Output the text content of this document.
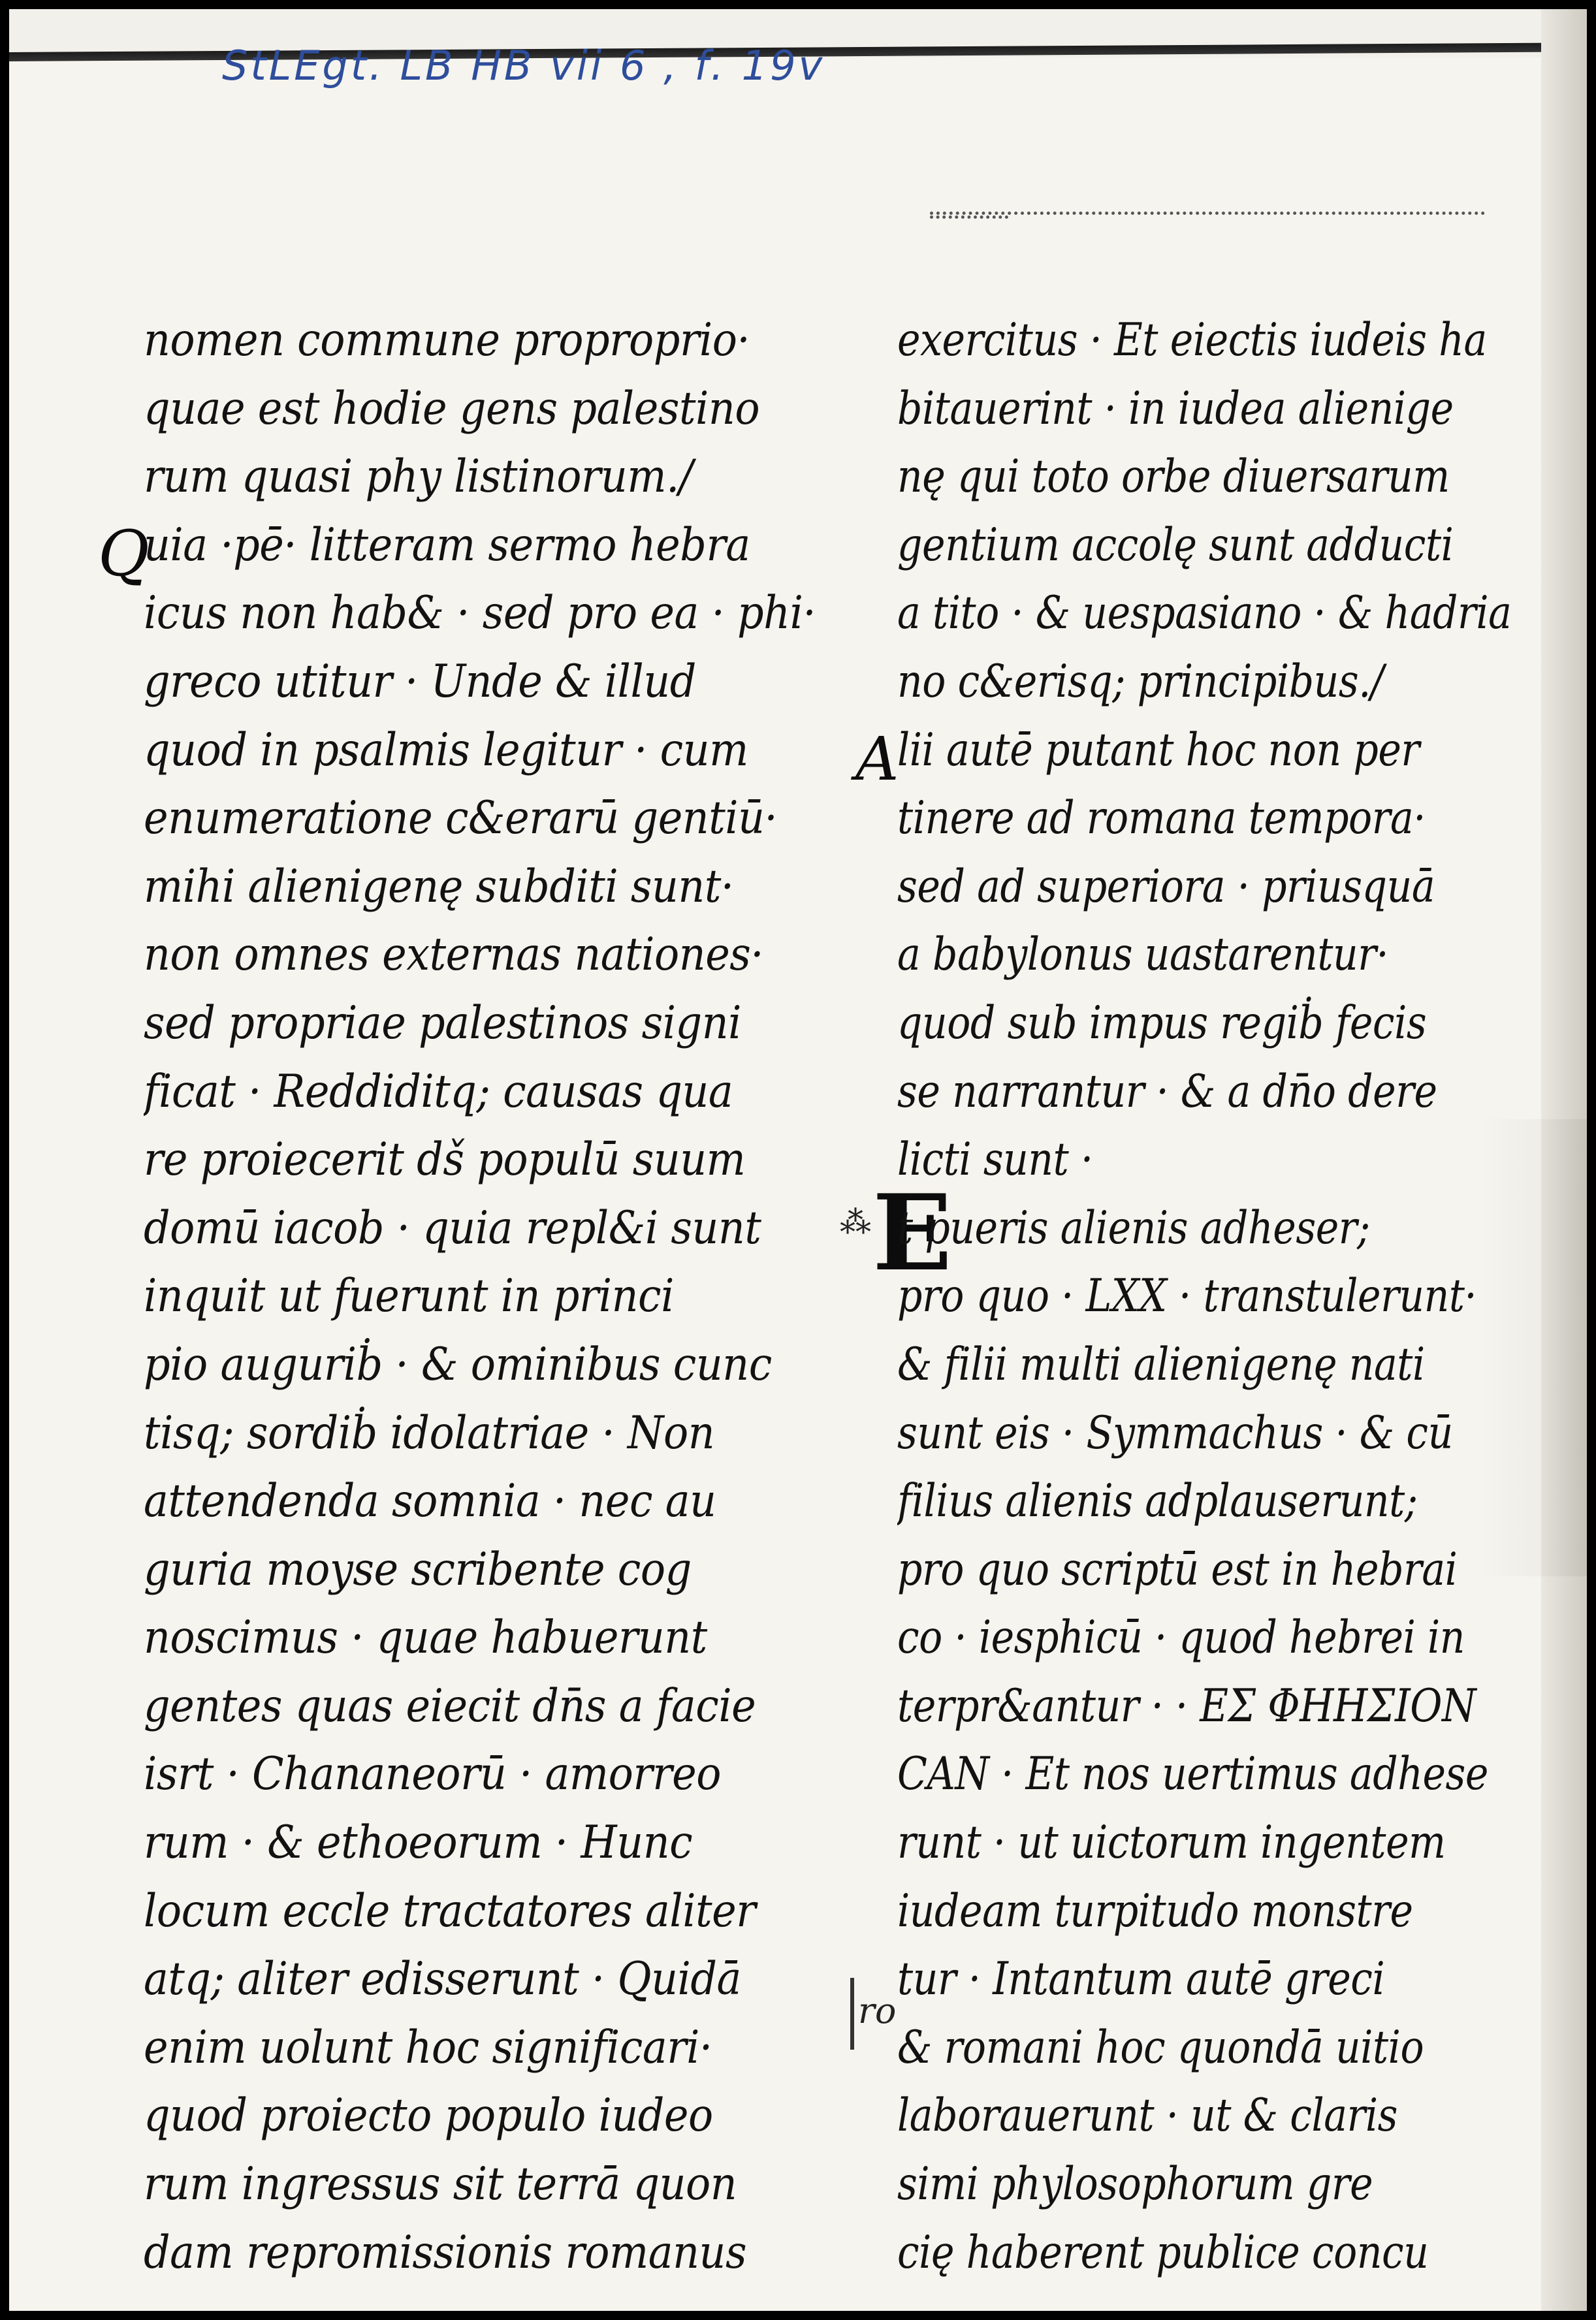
StLEgt. LB HB vii 6 , f. 19v

Q
A
E
⁂
ro
nomen commune proproprio·
quae est hodie gens palestino
rum quasi phy listinorum./
uia ·pē· litteram sermo hebra
icus non hab& · sed pro ea · phi·
greco utitur · Unde & illud
quod in psalmis legitur · cum
enumeratione c&erarū gentiū·
mihi alienigenę subditi sunt·
non omnes externas nationes·
sed propriae palestinos signi
ficat · Reddiditq; causas qua
re proiecerit dš populū suum
domū iacob · quia repl&i sunt
inquit ut fuerunt in princi
pio auguriḃ · & ominibus cunc
tisq; sordiḃ idolatriae · Non
attendenda somnia · nec au
guria moyse scribente cog
noscimus · quae habuerunt
gentes quas eiecit dn̄s a facie
isrt · Chananeorū · amorreo
rum · & ethoeorum · Hunc
locum eccle tractatores aliter
atq; aliter edisserunt · Quidā
enim uolunt hoc significari·
quod proiecto populo iudeo
rum ingressus sit terrā quon
dam repromissionis romanus
exercitus · Et eiectis iudeis ha
bitauerint · in iudea alienige
nę qui toto orbe diuersarum
gentium accolę sunt adducti
a tito · & uespasiano · & hadria
no c&erisq; principibus./
lii autē putant hoc non per
tinere ad romana tempora·
sed ad superiora · priusquā
a babylonus uastarentur·
quod sub impus regiḃ fecis
se narrantur · & a dn̄o dere
licti sunt ·
t pueris alienis adheser;
pro quo · LXX · transtulerunt·
& filii multi alienigenę nati
sunt eis · Symmachus · & cū
filius alienis adplauserunt;
pro quo scriptū est in hebrai
co · iesphicū · quod hebrei in
terpr&antur · · ΕΣ ΦΗΗΣΙΟΝ
CAN · Et nos uertimus adhese
runt · ut uictorum ingentem
iudeam turpitudo monstre
tur · Intantum autē greci
& romani hoc quondā uitio
laborauerunt · ut & claris
simi phylosophorum gre
cię haberent publice concu
